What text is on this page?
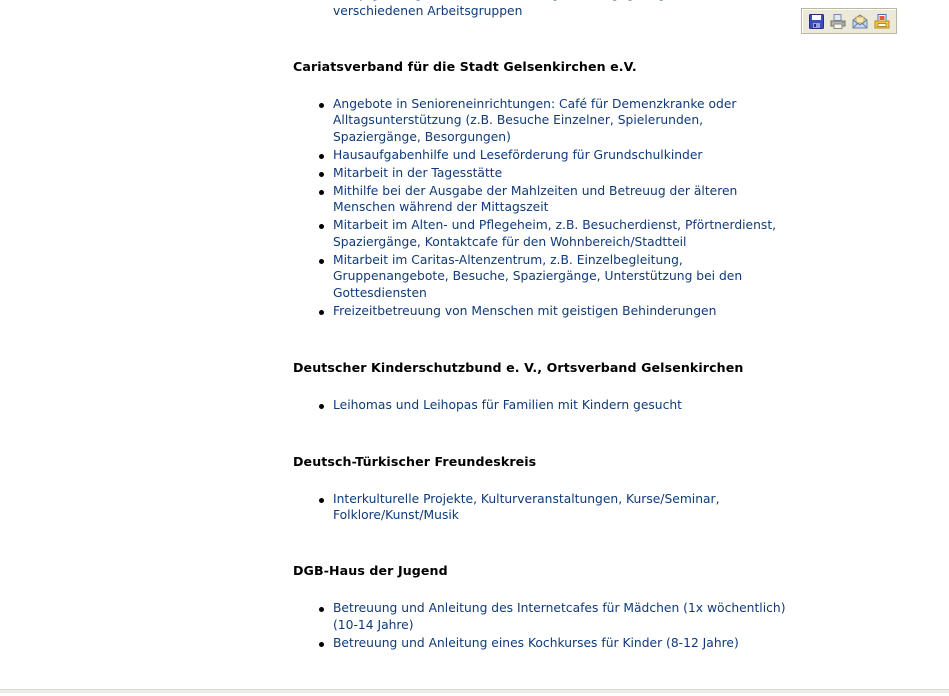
verschiedenen Arbeitsgruppen
Cariatsverband für die Stadt Gelsenkirchen e.V.
Angebote in Senioreneinrichtungen: Café für Demenzkranke oder Alltagsunterstützung (z.B. Besuche Einzelner, Spielerunden, Spaziergänge, Besorgungen)
Hausaufgabenhilfe und Leseförderung für Grundschulkinder
Mitarbeit in der Tagesstätte
Mithilfe bei der Ausgabe der Mahlzeiten und Betreuug der älteren Menschen während der Mittagszeit
Mitarbeit im Alten- und Pflegeheim, z.B. Besucherdienst, Pförtnerdienst, Spaziergänge, Kontaktcafe für den Wohnbereich/Stadtteil
Mitarbeit im Caritas-Altenzentrum, z.B. Einzelbegleitung, Gruppenangebote, Besuche, Spaziergänge, Unterstützung bei den Gottesdiensten
Freizeitbetreuung von Menschen mit geistigen Behinderungen
Deutscher Kinderschutzbund e. V., Ortsverband Gelsenkirchen
Leihomas und Leihopas für Familien mit Kindern gesucht
Deutsch-Türkischer Freundeskreis
Interkulturelle Projekte, Kulturveranstaltungen, Kurse/Seminar, Folklore/Kunst/Musik
DGB-Haus der Jugend
Betreuung und Anleitung des Internetcafes für Mädchen (1x wöchentlich) (10-14 Jahre)
Betreuung und Anleitung eines Kochkurses für Kinder (8-12 Jahre)
